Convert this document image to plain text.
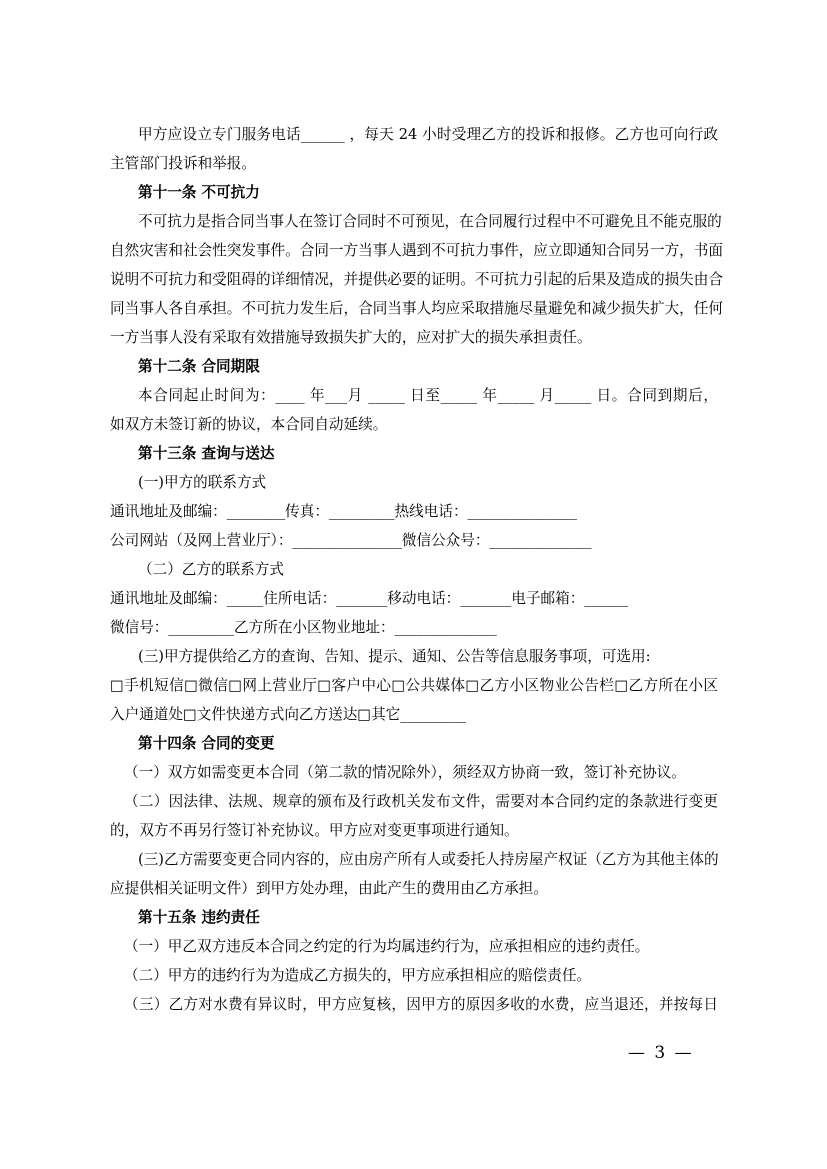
甲方应设立专门服务电话______ ，每天 24 小时受理乙方的投诉和报修。乙方也可向行政
主管部门投诉和举报。
第十一条 不可抗力
不可抗力是指合同当事人在签订合同时不可预见，在合同履行过程中不可避免且不能克服的
自然灾害和社会性突发事件。合同一方当事人遇到不可抗力事件，应立即通知合同另一方，书面
说明不可抗力和受阻碍的详细情况，并提供必要的证明。不可抗力引起的后果及造成的损失由合
同当事人各自承担。不可抗力发生后，合同当事人均应采取措施尽量避免和减少损失扩大，任何
一方当事人没有采取有效措施导致损失扩大的，应对扩大的损失承担责任。
第十二条 合同期限
本合同起止时间为：____ 年___月 _____ 日至_____ 年_____ 月_____ 日。合同到期后，
如双方未签订新的协议，本合同自动延续。
第十三条 查询与送达
(一)甲方的联系方式
通讯地址及邮编：________传真：_________热线电话：_______________
公司网站（及网上营业厅）：_______________微信公众号：______________
（二）乙方的联系方式
通讯地址及邮编：_____住所电话：_______移动电话：_______电子邮箱：______
微信号：_________乙方所在小区物业地址：______________
(三)甲方提供给乙方的查询、告知、提示、通知、公告等信息服务事项，可选用:
□手机短信□微信□网上营业厅□客户中心□公共媒体□乙方小区物业公告栏□乙方所在小区
入户通道处□文件快递方式向乙方送达□其它_________
第十四条 合同的变更
（一）双方如需变更本合同（第二款的情况除外），须经双方协商一致，签订补充协议。
（二）因法律、法规、规章的颁布及行政机关发布文件，需要对本合同约定的条款进行变更
的，双方不再另行签订补充协议。甲方应对变更事项进行通知。
(三)乙方需要变更合同内容的，应由房产所有人或委托人持房屋产权证（乙方为其他主体的
应提供相关证明文件）到甲方处办理，由此产生的费用由乙方承担。
第十五条 违约责任
（一）甲乙双方违反本合同之约定的行为均属违约行为，应承担相应的违约责任。
（二）甲方的违约行为为造成乙方损失的，甲方应承担相应的赔偿责任。
（三）乙方对水费有异议时，甲方应复核，因甲方的原因多收的水费，应当退还，并按每日
— 3 —
